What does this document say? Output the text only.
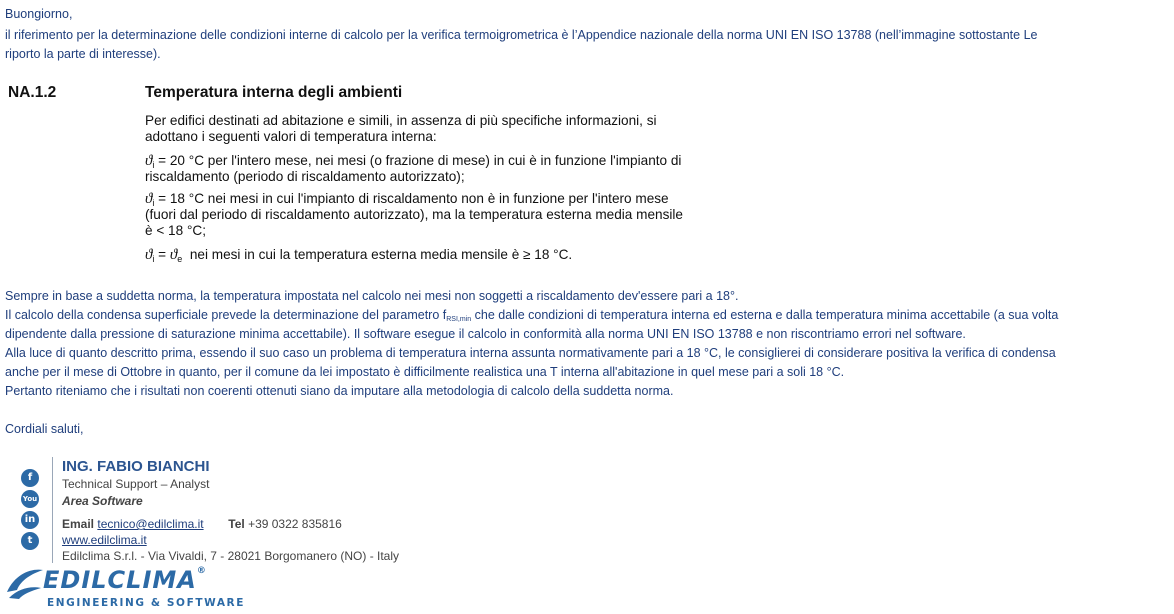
Buongiorno,
il riferimento per la determinazione delle condizioni interne di calcolo per la verifica termoigrometrica è l’Appendice nazionale della norma UNI EN ISO 13788 (nell’immagine sottostante Le
riporto la parte di interesse).
NA.1.2	Temperatura interna degli ambienti
Per edifici destinati ad abitazione e simili, in assenza di più specifiche informazioni, si
adottano i seguenti valori di temperatura interna:
$ϑ_i = 20$ °C per l'intero mese, nei mesi (o frazione di mese) in cui è in funzione l'impianto di
riscaldamento (periodo di riscaldamento autorizzato);
$ϑ_i = 18$ °C nei mesi in cui l'impianto di riscaldamento non è in funzione per l'intero mese
(fuori dal periodo di riscaldamento autorizzato), ma la temperatura esterna media mensile
è < 18 °C;
$ϑ_i = ϑ_e$ nei mesi in cui la temperatura esterna media mensile è ≥ 18 °C.
Sempre in base a suddetta norma, la temperatura impostata nel calcolo nei mesi non soggetti a riscaldamento dev'essere pari a 18°.
Il calcolo della condensa superficiale prevede la determinazione del parametro fRSI,min che dalle condizioni di temperatura interna ed esterna e dalla temperatura minima accettabile (a sua volta
dipendente dalla pressione di saturazione minima accettabile). Il software esegue il calcolo in conformità alla norma UNI EN ISO 13788 e non riscontriamo errori nel software.
Alla luce di quanto descritto prima, essendo il suo caso un problema di temperatura interna assunta normativamente pari a 18 °C, le consiglierei di considerare positiva la verifica di condensa
anche per il mese di Ottobre in quanto, per il comune da lei impostato è difficilmente realistica una T interna all'abitazione in quel mese pari a soli 18 °C.
Pertanto riteniamo che i risultati non coerenti ottenuti siano da imputare alla metodologia di calcolo della suddetta norma.
Cordiali saluti,
f
You
in
t
ING. FABIO BIANCHI
Technical Support – Analyst
Area Software
Email tecnico@edilclima.it Tel +39 0322 835816
www.edilclima.it
Edilclima S.r.l. - Via Vivaldi, 7 - 28021 Borgomanero (NO) - Italy
EDILCLIMA®
ENGINEERING & SOFTWARE
